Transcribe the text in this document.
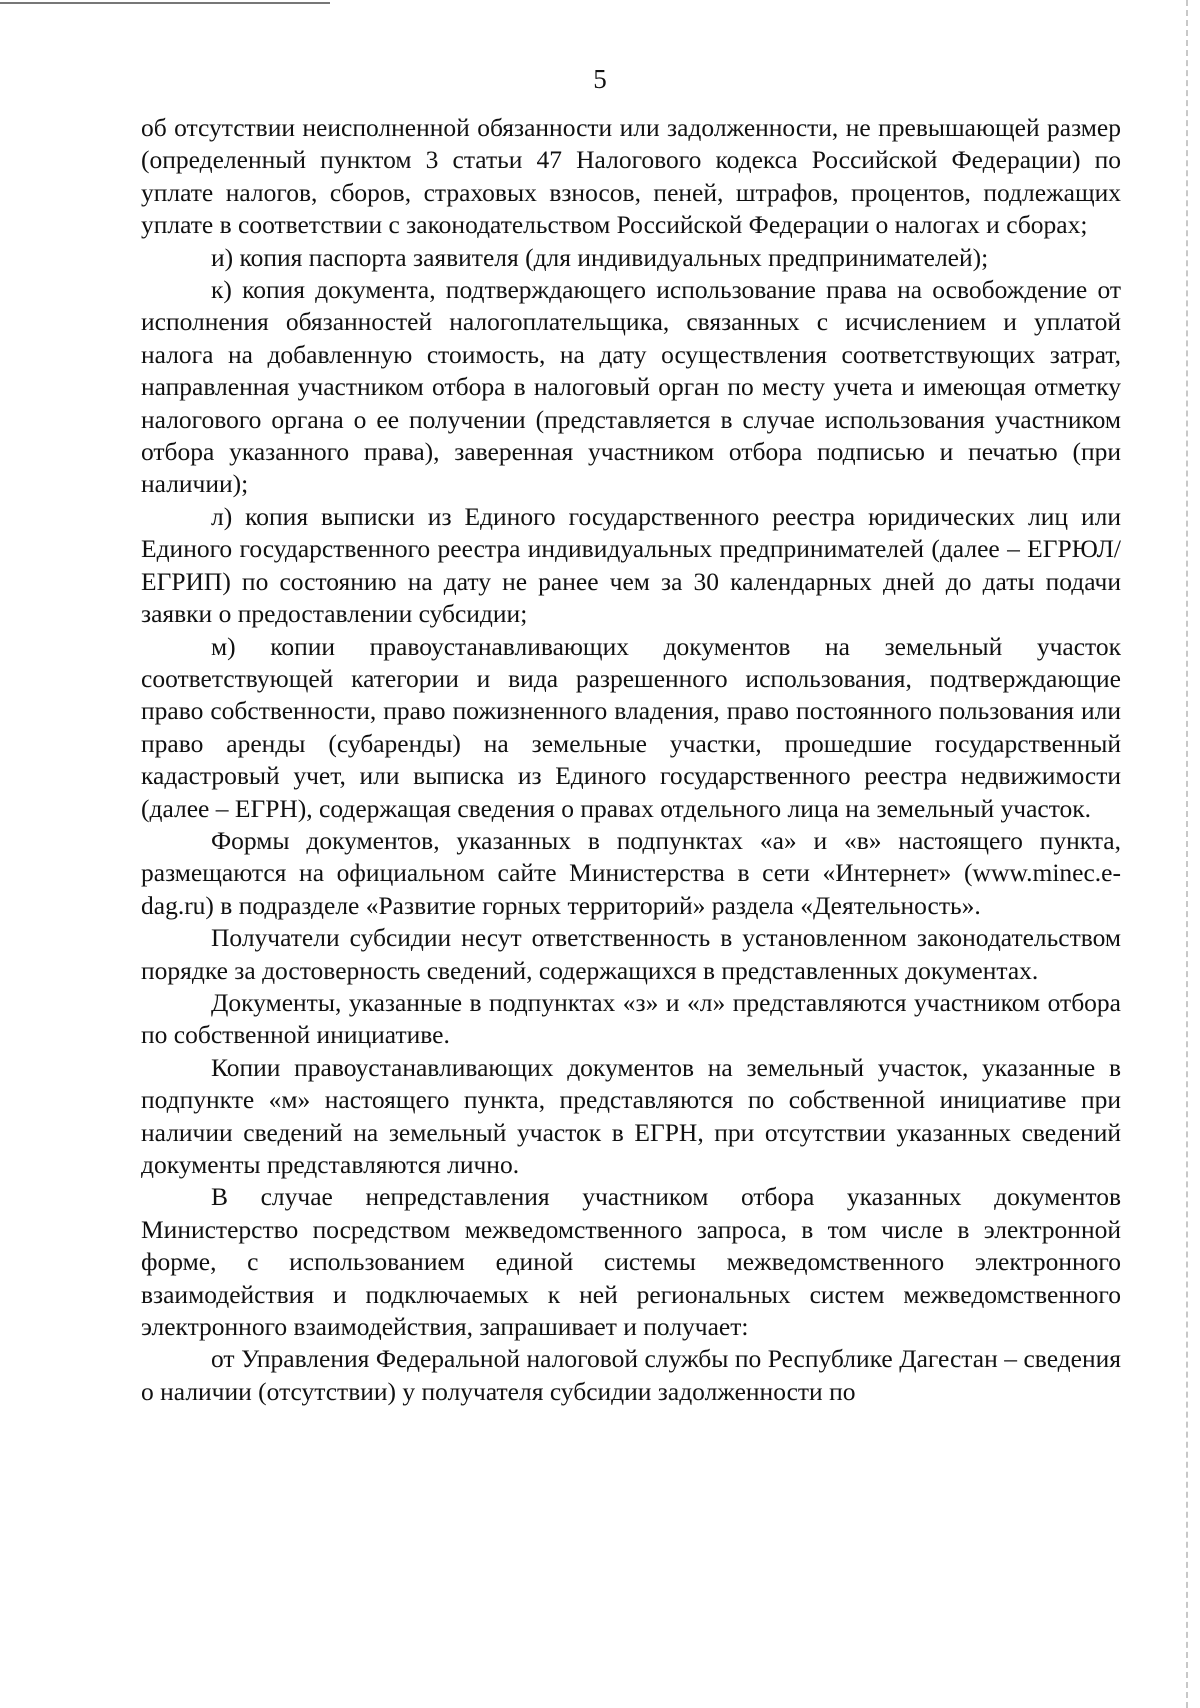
5

об отсутствии неисполненной обязанности или задолженности, не превышающей размер (определенный пунктом 3 статьи 47 Налогового кодекса Российской Федерации) по уплате налогов, сборов, страховых взносов, пеней, штрафов, процентов, подлежащих уплате в соответствии с законодательством Российской Федерации о налогах и сборах;

и) копия паспорта заявителя (для индивидуальных предпринимателей);

к) копия документа, подтверждающего использование права на освобождение от исполнения обязанностей налогоплательщика, связанных с исчислением и уплатой налога на добавленную стоимость, на дату осуществления соответствующих затрат, направленная участником отбора в налоговый орган по месту учета и имеющая отметку налогового органа о ее получении (представляется в случае использования участником отбора указанного права), заверенная участником отбора подписью и печатью (при наличии);

л) копия выписки из Единого государственного реестра юридических лиц или Единого государственного реестра индивидуальных предпринимателей (далее – ЕГРЮЛ/ЕГРИП) по состоянию на дату не ранее чем за 30 календарных дней до даты подачи заявки о предоставлении субсидии;

м) копии правоустанавливающих документов на земельный участок соответствующей категории и вида разрешенного использования, подтверждающие право собственности, право пожизненного владения, право постоянного пользования или право аренды (субаренды) на земельные участки, прошедшие государственный кадастровый учет, или выписка из Единого государственного реестра недвижимости (далее – ЕГРН), содержащая сведения о правах отдельного лица на земельный участок.

Формы документов, указанных в подпунктах «а» и «в» настоящего пункта, размещаются на официальном сайте Министерства в сети «Интернет» (www.minec.e-dag.ru) в подразделе «Развитие горных территорий» раздела «Деятельность».

Получатели субсидии несут ответственность в установленном законодательством порядке за достоверность сведений, содержащихся в представленных документах.

Документы, указанные в подпунктах «з» и «л» представляются участником отбора по собственной инициативе.

Копии правоустанавливающих документов на земельный участок, указанные в подпункте «м» настоящего пункта, представляются по собственной инициативе при наличии сведений на земельный участок в ЕГРН, при отсутствии указанных сведений документы представляются лично.

В случае непредставления участником отбора указанных документов Министерство посредством межведомственного запроса, в том числе в электронной форме, с использованием единой системы межведомственного электронного взаимодействия и подключаемых к ней региональных систем межведомственного электронного взаимодействия, запрашивает и получает:

от Управления Федеральной налоговой службы по Республике Дагестан – сведения о наличии (отсутствии) у получателя субсидии задолженности по
